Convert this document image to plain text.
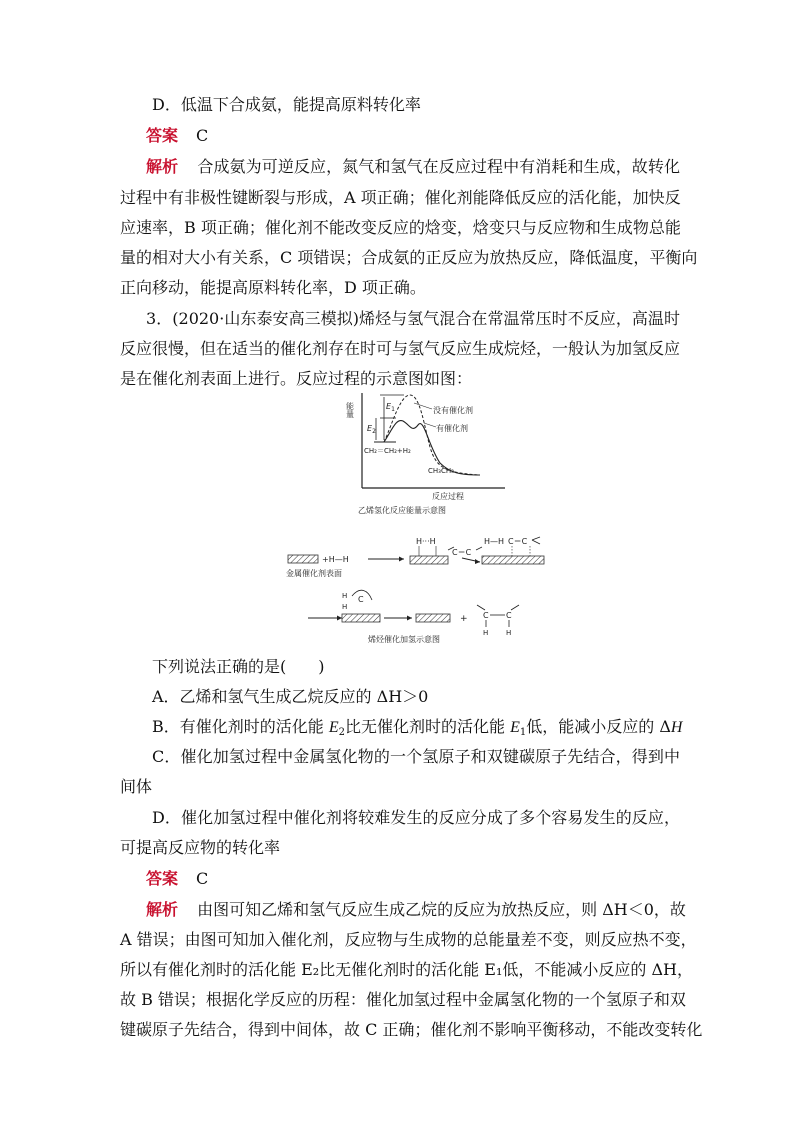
D．低温下合成氨，能提高原料转化率
答案 C
解析 合成氨为可逆反应，氮气和氢气在反应过程中有消耗和生成，故转化
过程中有非极性键断裂与形成，A 项正确；催化剂能降低反应的活化能，加快反
应速率，B 项正确；催化剂不能改变反应的焓变，焓变只与反应物和生成物总能
量的相对大小有关系，C 项错误；合成氨的正反应为放热反应，降低温度，平衡向
正向移动，能提高原料转化率，D 项正确。
3．(2020·山东泰安高三模拟)烯烃与氢气混合在常温常压时不反应，高温时
反应很慢，但在适当的催化剂存在时可与氢气反应生成烷烃，一般认为加氢反应
是在催化剂表面上进行。反应过程的示意图如图：
能量	$E_1$
$E_2$
没有催化剂
有催化剂
CH₂＝CH₂+H₂
CH₃CH₃
反应过程
乙烯氢化反应能量示意图
+H—H
金属催化剂表面
H···H
C＝C
H—H C＝C
H
H
C
+ C C
H	H
烯烃催化加氢示意图
下列说法正确的是(　　)
A．乙烯和氢气生成乙烷反应的 ΔH＞0
B．有催化剂时的活化能 $E_2$比无催化剂时的活化能 $E_1$低，能减小反应的 ΔH
C．催化加氢过程中金属氢化物的一个氢原子和双键碳原子先结合，得到中
间体
D．催化加氢过程中催化剂将较难发生的反应分成了多个容易发生的反应，
可提高反应物的转化率
答案 C
解析 由图可知乙烯和氢气反应生成乙烷的反应为放热反应，则 ΔH＜0，故
A 错误；由图可知加入催化剂，反应物与生成物的总能量差不变，则反应热不变，
所以有催化剂时的活化能 E₂比无催化剂时的活化能 E₁低，不能减小反应的 ΔH，
故 B 错误；根据化学反应的历程：催化加氢过程中金属氢化物的一个氢原子和双
键碳原子先结合，得到中间体，故 C 正确；催化剂不影响平衡移动，不能改变转化
